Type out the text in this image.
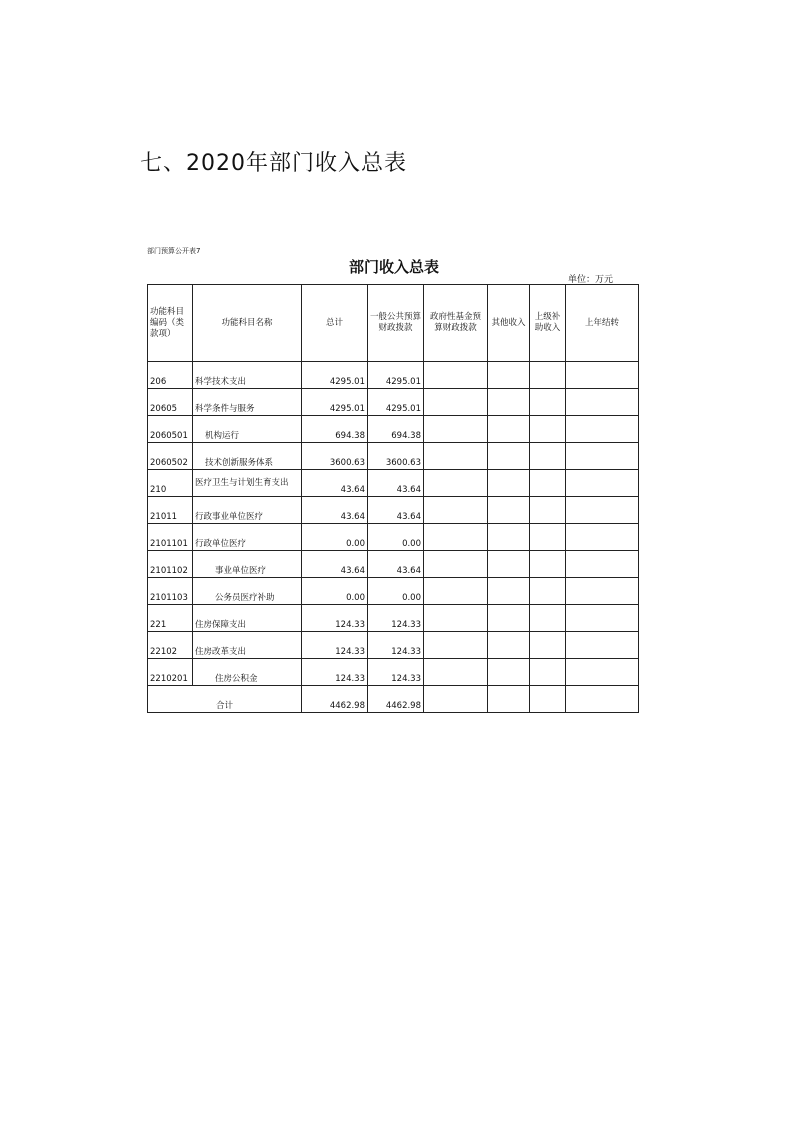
七、2020年部门收入总表
部门预算公开表7
部门收入总表
单位：万元
功能科目编码（类款项）	功能科目名称	总计	一般公共预算财政拨款	政府性基金预算财政拨款	其他收入	上级补助收入	上年结转
206	科学技术支出	4295.01	4295.01				
20605	科学条件与服务	4295.01	4295.01				
2060501	机构运行	694.38	694.38				
2060502	技术创新服务体系	3600.63	3600.63				
210	医疗卫生与计划生育支出	43.64	43.64				
21011	行政事业单位医疗	43.64	43.64				
2101101	行政单位医疗	0.00	0.00				
2101102	事业单位医疗	43.64	43.64				
2101103	公务员医疗补助	0.00	0.00				
221	住房保障支出	124.33	124.33				
22102	住房改革支出	124.33	124.33				
2210201	住房公积金	124.33	124.33				
合计		4462.98	4462.98				
